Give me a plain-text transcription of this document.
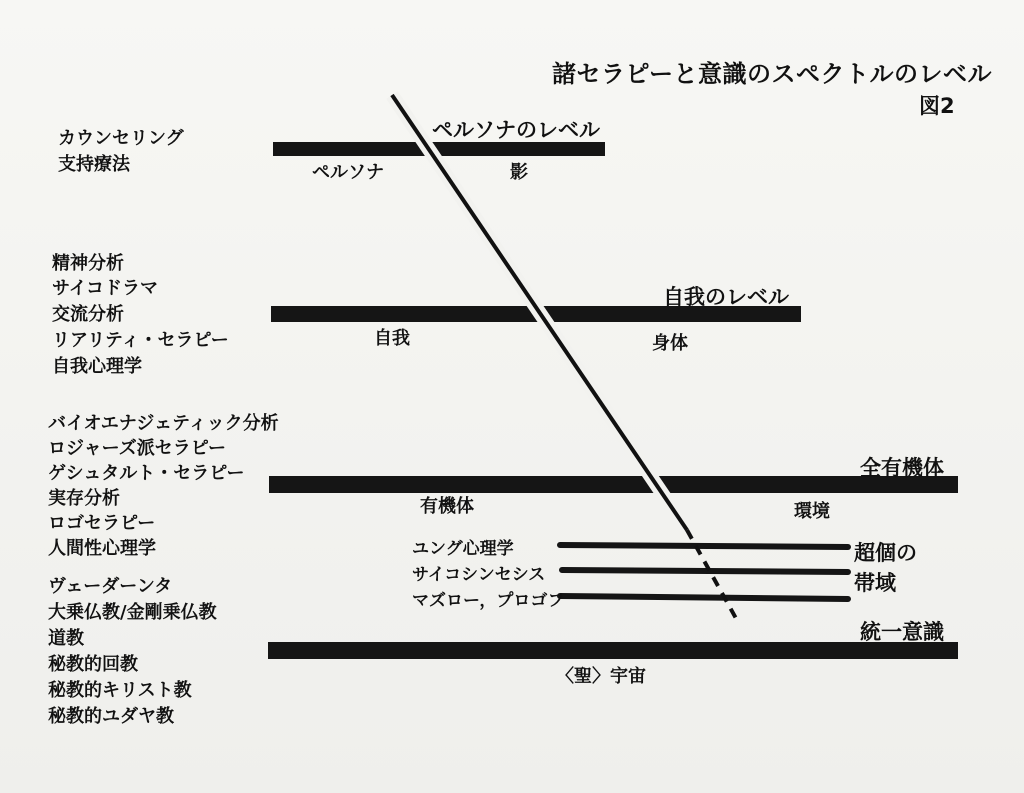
諸セラピーと意識のスペクトルのレベル
図2
ペルソナのレベル
ペルソナ	影
カウンセリング
支持療法
自我のレベル
自我	身体
精神分析
サイコドラマ
交流分析
リアリティ・セラピー
自我心理学
全有機体
有機体	環境
バイオエナジェティック分析
ロジャーズ派セラピー
ゲシュタルト・セラピー
実存分析
ロゴセラピー
人間性心理学	ユング心理学
サイコシンセシス
マズロー，プロゴフ
超個の
帯域
統一意識
〈聖〉宇宙
ヴェーダーンタ
大乗仏教/金剛乗仏教
道教
秘教的回教
秘教的キリスト教
秘教的ユダヤ教
